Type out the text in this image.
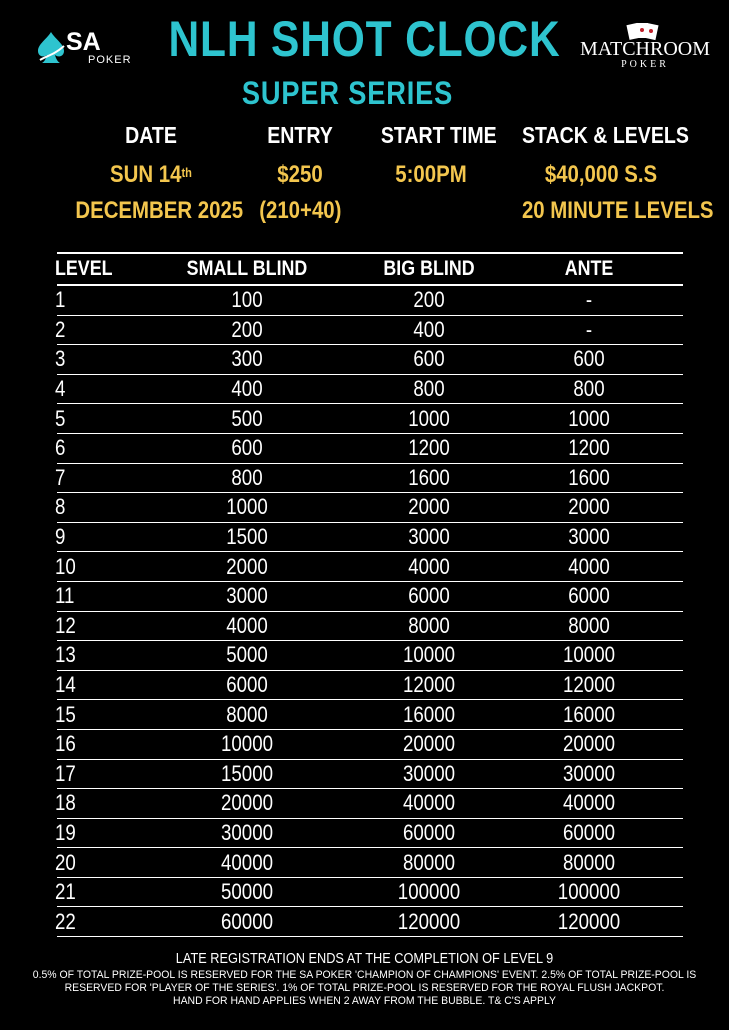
SA
POKER	MATCHROOM
POKER
NLH SHOT CLOCK
SUPER SERIES
DATE
SUN 14th
DECEMBER 2025
ENTRY
$250
(210+40)
START TIME
5:00PM
STACK & LEVELS
$40,000 S.S
20 MINUTE LEVELS
LEVEL	SMALL BLIND	BIG BLIND	ANTE
1	100	200	-
2	200	400	-
3	300	600	600
4	400	800	800
5	500	1000	1000
6	600	1200	1200
7	800	1600	1600
8	1000	2000	2000
9	1500	3000	3000
10	2000	4000	4000
11	3000	6000	6000
12	4000	8000	8000
13	5000	10000	10000
14	6000	12000	12000
15	8000	16000	16000
16	10000	20000	20000
17	15000	30000	30000
18	20000	40000	40000
19	30000	60000	60000
20	40000	80000	80000
21	50000	100000	100000
22	60000	120000	120000
LATE REGISTRATION ENDS AT THE COMPLETION OF LEVEL 9
0.5% OF TOTAL PRIZE-POOL IS RESERVED FOR THE SA POKER 'CHAMPION OF CHAMPIONS' EVENT. 2.5% OF TOTAL PRIZE-POOL IS RESERVED FOR 'PLAYER OF THE SERIES'. 1% OF TOTAL PRIZE-POOL IS RESERVED FOR THE ROYAL FLUSH JACKPOT.
HAND FOR HAND APPLIES WHEN 2 AWAY FROM THE BUBBLE. T& C'S APPLY
